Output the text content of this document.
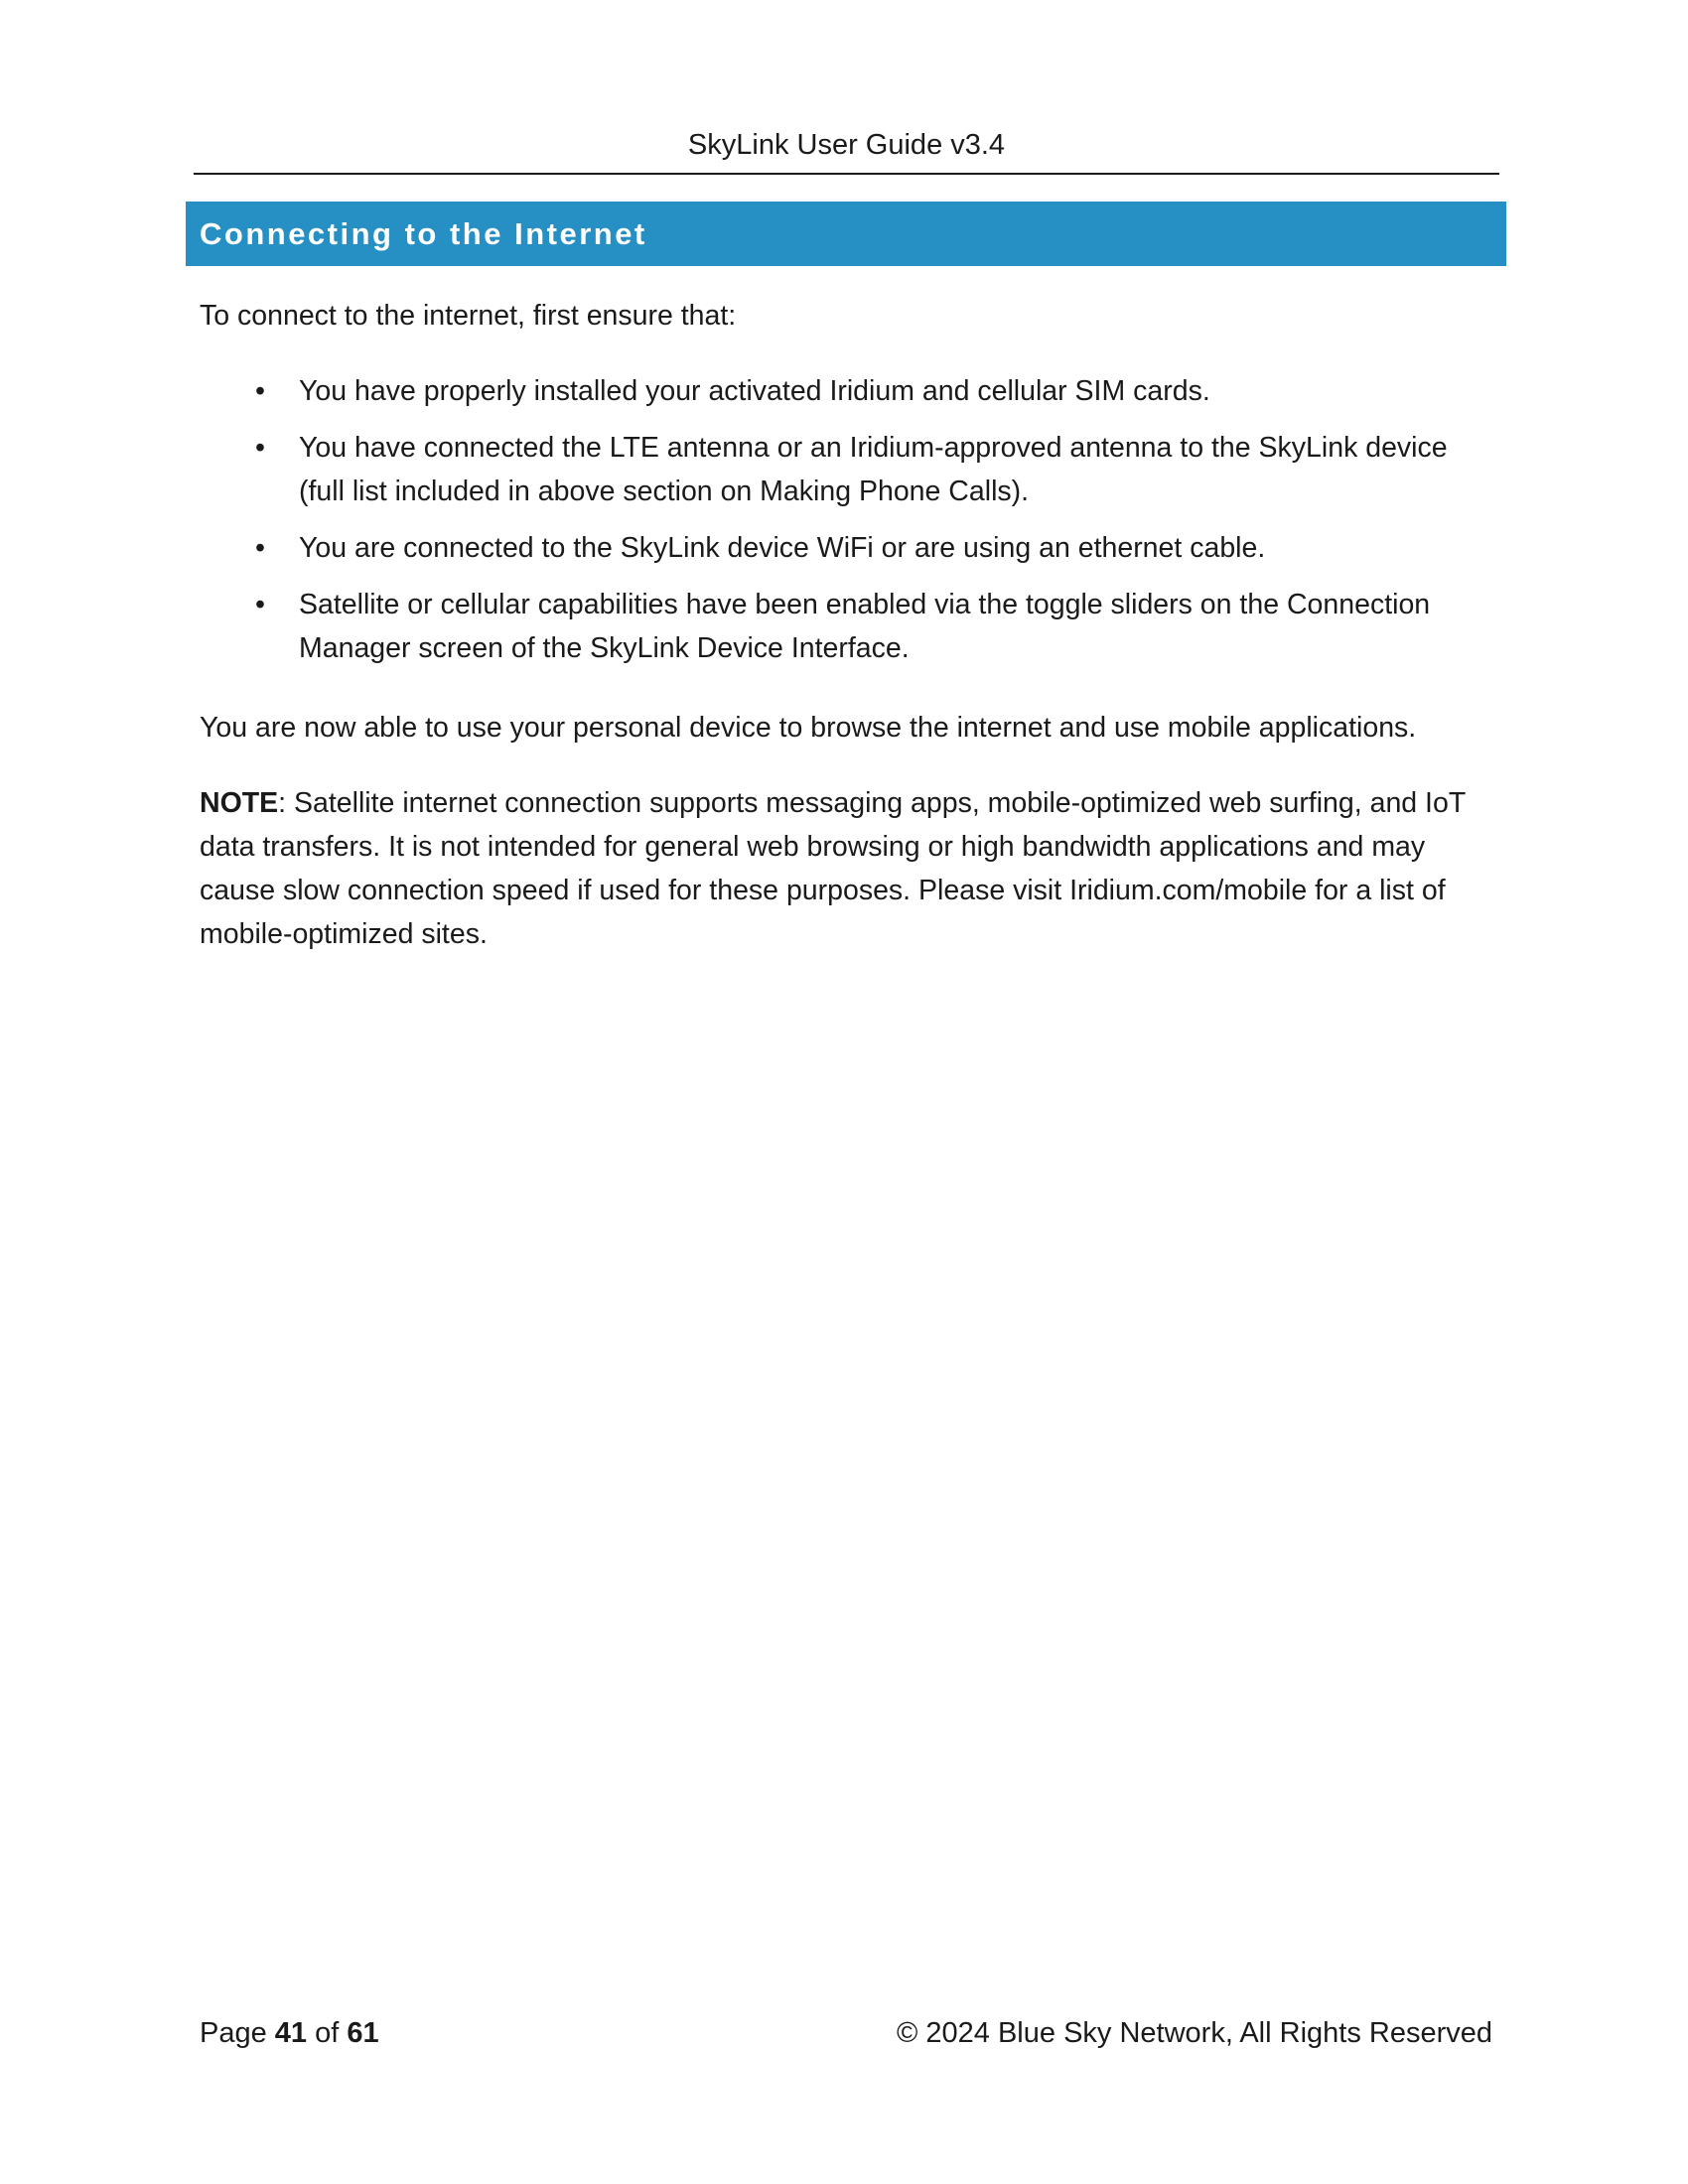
SkyLink User Guide v3.4
Connecting to the Internet

To connect to the internet, first ensure that:

• You have properly installed your activated Iridium and cellular SIM cards.
• You have connected the LTE antenna or an Iridium-approved antenna to the SkyLink device (full list included in above section on Making Phone Calls).
• You are connected to the SkyLink device WiFi or are using an ethernet cable.
• Satellite or cellular capabilities have been enabled via the toggle sliders on the Connection Manager screen of the SkyLink Device Interface.

You are now able to use your personal device to browse the internet and use mobile applications.

NOTE: Satellite internet connection supports messaging apps, mobile-optimized web surfing, and IoT data transfers. It is not intended for general web browsing or high bandwidth applications and may cause slow connection speed if used for these purposes. Please visit Iridium.com/mobile for a list of mobile-optimized sites.

Page 41 of 61	© 2024 Blue Sky Network, All Rights Reserved
